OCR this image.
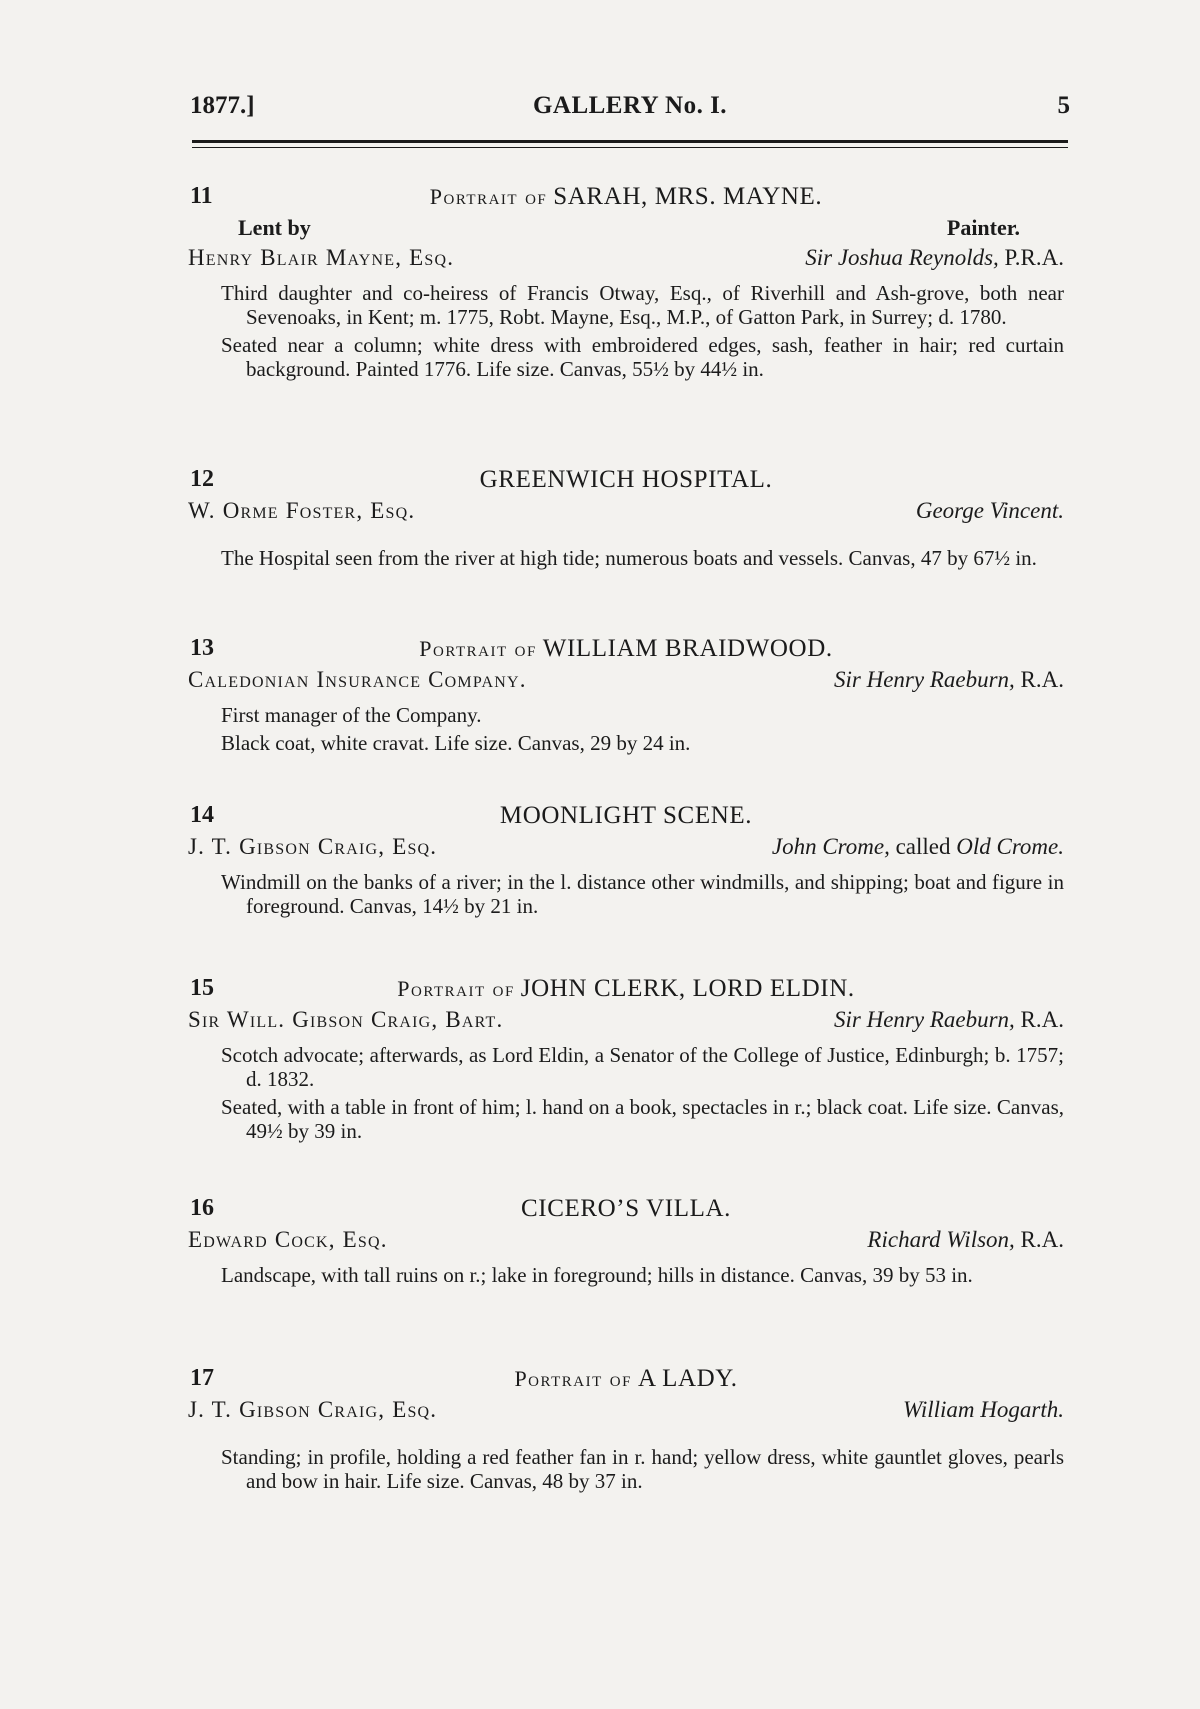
1877.]	GALLERY No. I.	5
11	Portrait of SARAH, MRS. MAYNE.
Lent by	Painter.
Henry Blair Mayne, Esq.	Sir Joshua Reynolds, P.R.A.

Third daughter and co-heiress of Francis Otway, Esq., of Riverhill and Ash-grove, both near Sevenoaks, in Kent; m. 1775, Robt. Mayne, Esq., M.P., of Gatton Park, in Surrey; d. 1780.

Seated near a column; white dress with embroidered edges, sash, feather in hair; red curtain background. Painted 1776. Life size. Canvas, 55½ by 44½ in.

12	GREENWICH HOSPITAL.
W. Orme Foster, Esq.	George Vincent.

The Hospital seen from the river at high tide; numerous boats and vessels. Canvas, 47 by 67½ in.

13	Portrait of WILLIAM BRAIDWOOD.
Caledonian Insurance Company.	Sir Henry Raeburn, R.A.

First manager of the Company.

Black coat, white cravat. Life size. Canvas, 29 by 24 in.

14	MOONLIGHT SCENE.
J. T. Gibson Craig, Esq.	John Crome, called Old Crome.

Windmill on the banks of a river; in the l. distance other windmills, and shipping; boat and figure in foreground. Canvas, 14½ by 21 in.

15	Portrait of JOHN CLERK, LORD ELDIN.
Sir Will. Gibson Craig, Bart.	Sir Henry Raeburn, R.A.

Scotch advocate; afterwards, as Lord Eldin, a Senator of the College of Justice, Edinburgh; b. 1757; d. 1832.

Seated, with a table in front of him; l. hand on a book, spectacles in r.; black coat. Life size. Canvas, 49½ by 39 in.

16	CICERO’S VILLA.
Edward Cock, Esq.	Richard Wilson, R.A.

Landscape, with tall ruins on r.; lake in foreground; hills in distance. Canvas, 39 by 53 in.

17	Portrait of A LADY.
J. T. Gibson Craig, Esq.	William Hogarth.

Standing; in profile, holding a red feather fan in r. hand; yellow dress, white gauntlet gloves, pearls and bow in hair. Life size. Canvas, 48 by 37 in.
